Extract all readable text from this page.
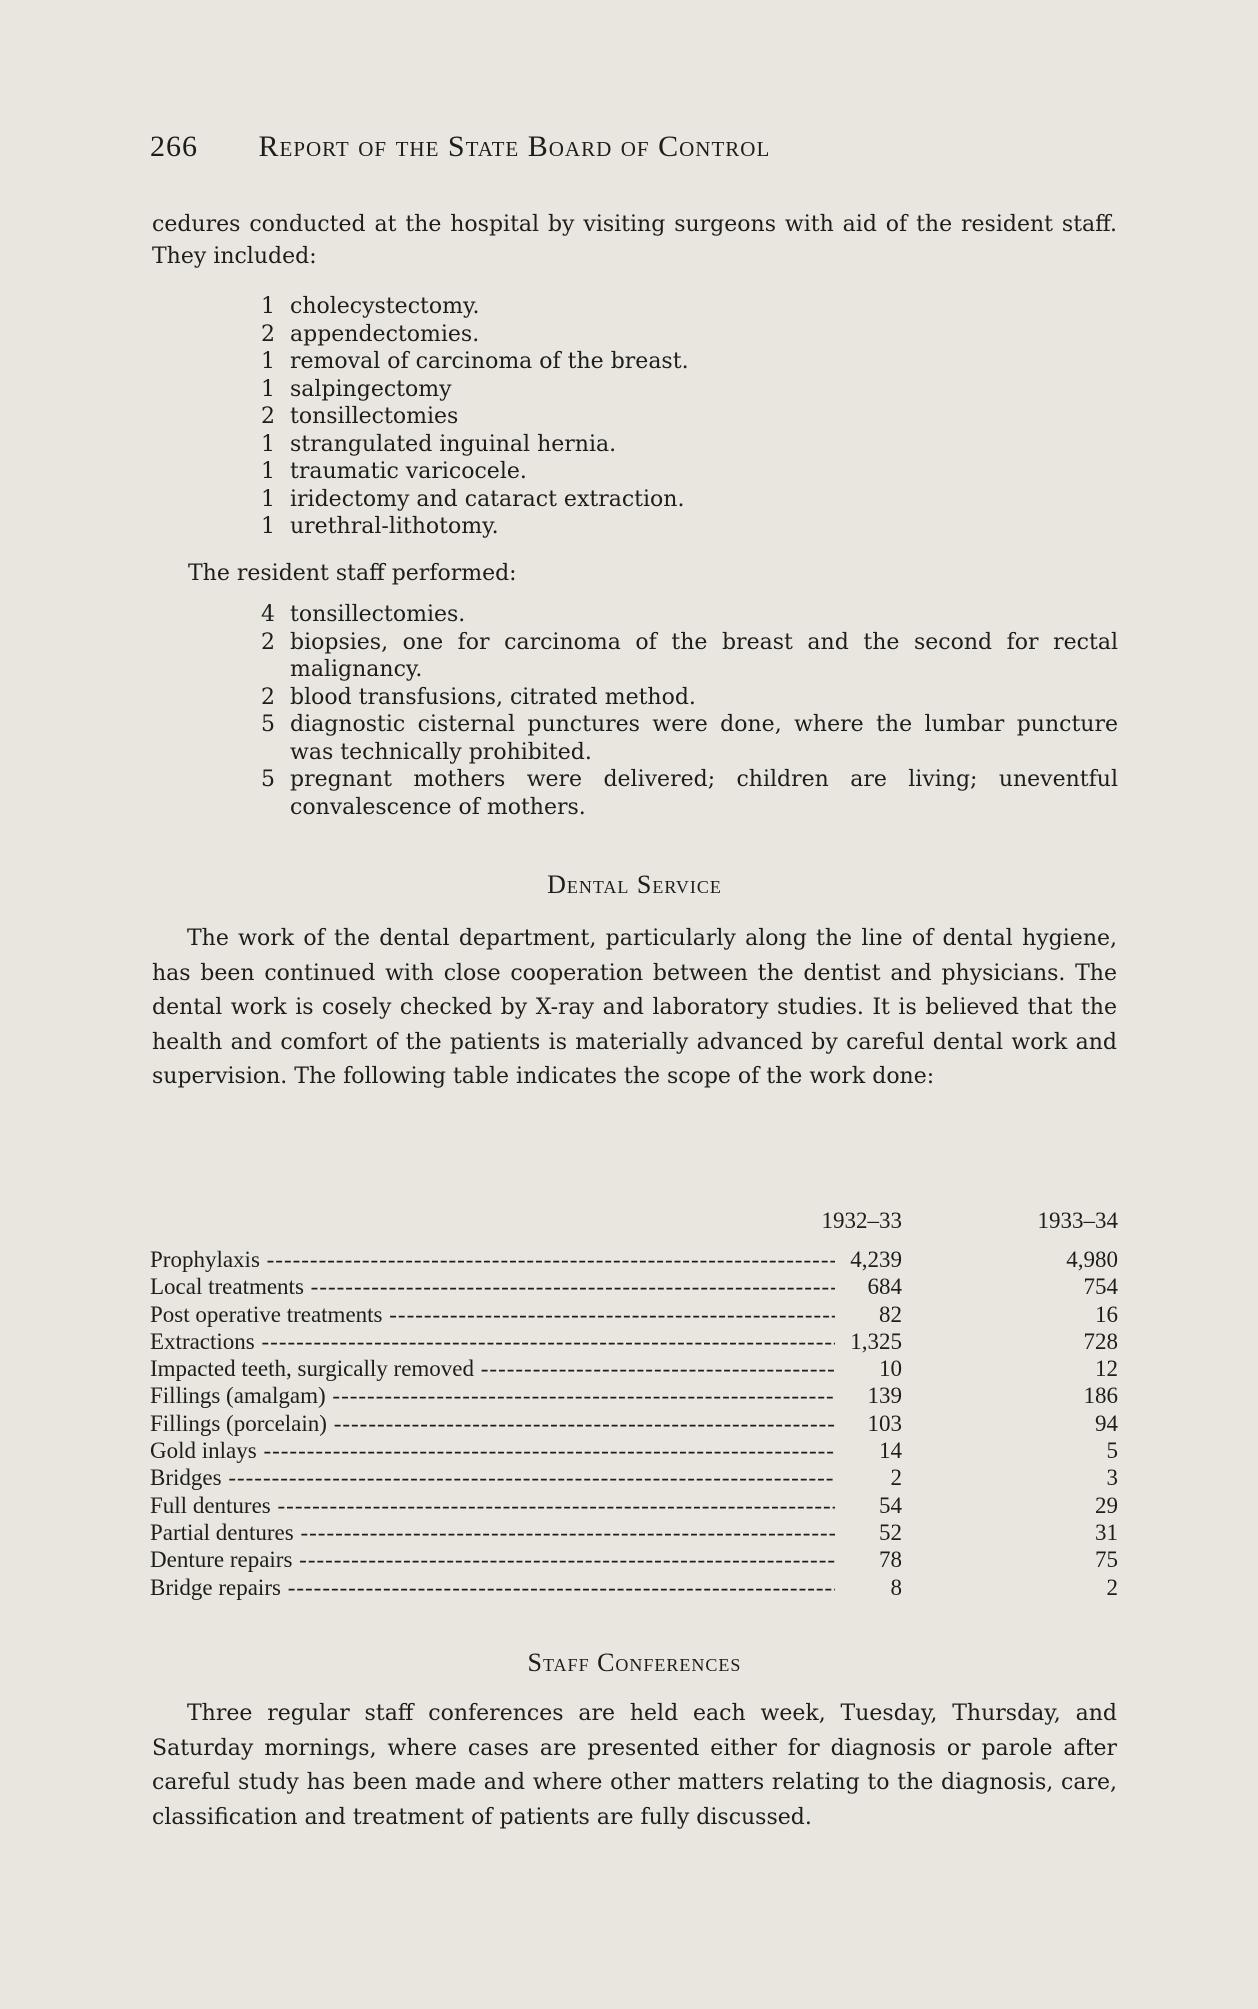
266 Report of the State Board of Control

cedures conducted at the hospital by visiting surgeons with aid of the resident staff. They included:

1 cholecystectomy.
2 appendectomies.
1 removal of carcinoma of the breast.
1 salpingectomy
2 tonsillectomies
1 strangulated inguinal hernia.
1 traumatic varicocele.
1 iridectomy and cataract extraction.
1 urethral-lithotomy.

The resident staff performed:

4 tonsillectomies.
2 biopsies, one for carcinoma of the breast and the second for rectal malignancy.
2 blood transfusions, citrated method.
5 diagnostic cisternal punctures were done, where the lumbar puncture was technically prohibited.
5 pregnant mothers were delivered; children are living; uneventful convalescence of mothers.
Dental Service

The work of the dental department, particularly along the line of dental hygiene, has been continued with close cooperation between the dentist and physicians. The dental work is cosely checked by X-ray and laboratory studies. It is believed that the health and comfort of the patients is materially advanced by careful dental work and supervision. The following table indicates the scope of the work done:

1932–33	1933–34
Prophylaxis -----	4,239	4,980
Local treatments -----	684	754
Post operative treatments -----	82	16
Extractions -----	1,325	728
Impacted teeth, surgically removed -----	10	12
Fillings (amalgam) -----	139	186
Fillings (porcelain) -----	103	94
Gold inlays -----	14	5
Bridges -----	2	3
Full dentures -----	54	29
Partial dentures -----	52	31
Denture repairs -----	78	75
Bridge repairs -----	8	2
Staff Conferences

Three regular staff conferences are held each week, Tuesday, Thursday, and Saturday mornings, where cases are presented either for diagnosis or parole after careful study has been made and where other matters relating to the diagnosis, care, classification and treatment of patients are fully discussed.
